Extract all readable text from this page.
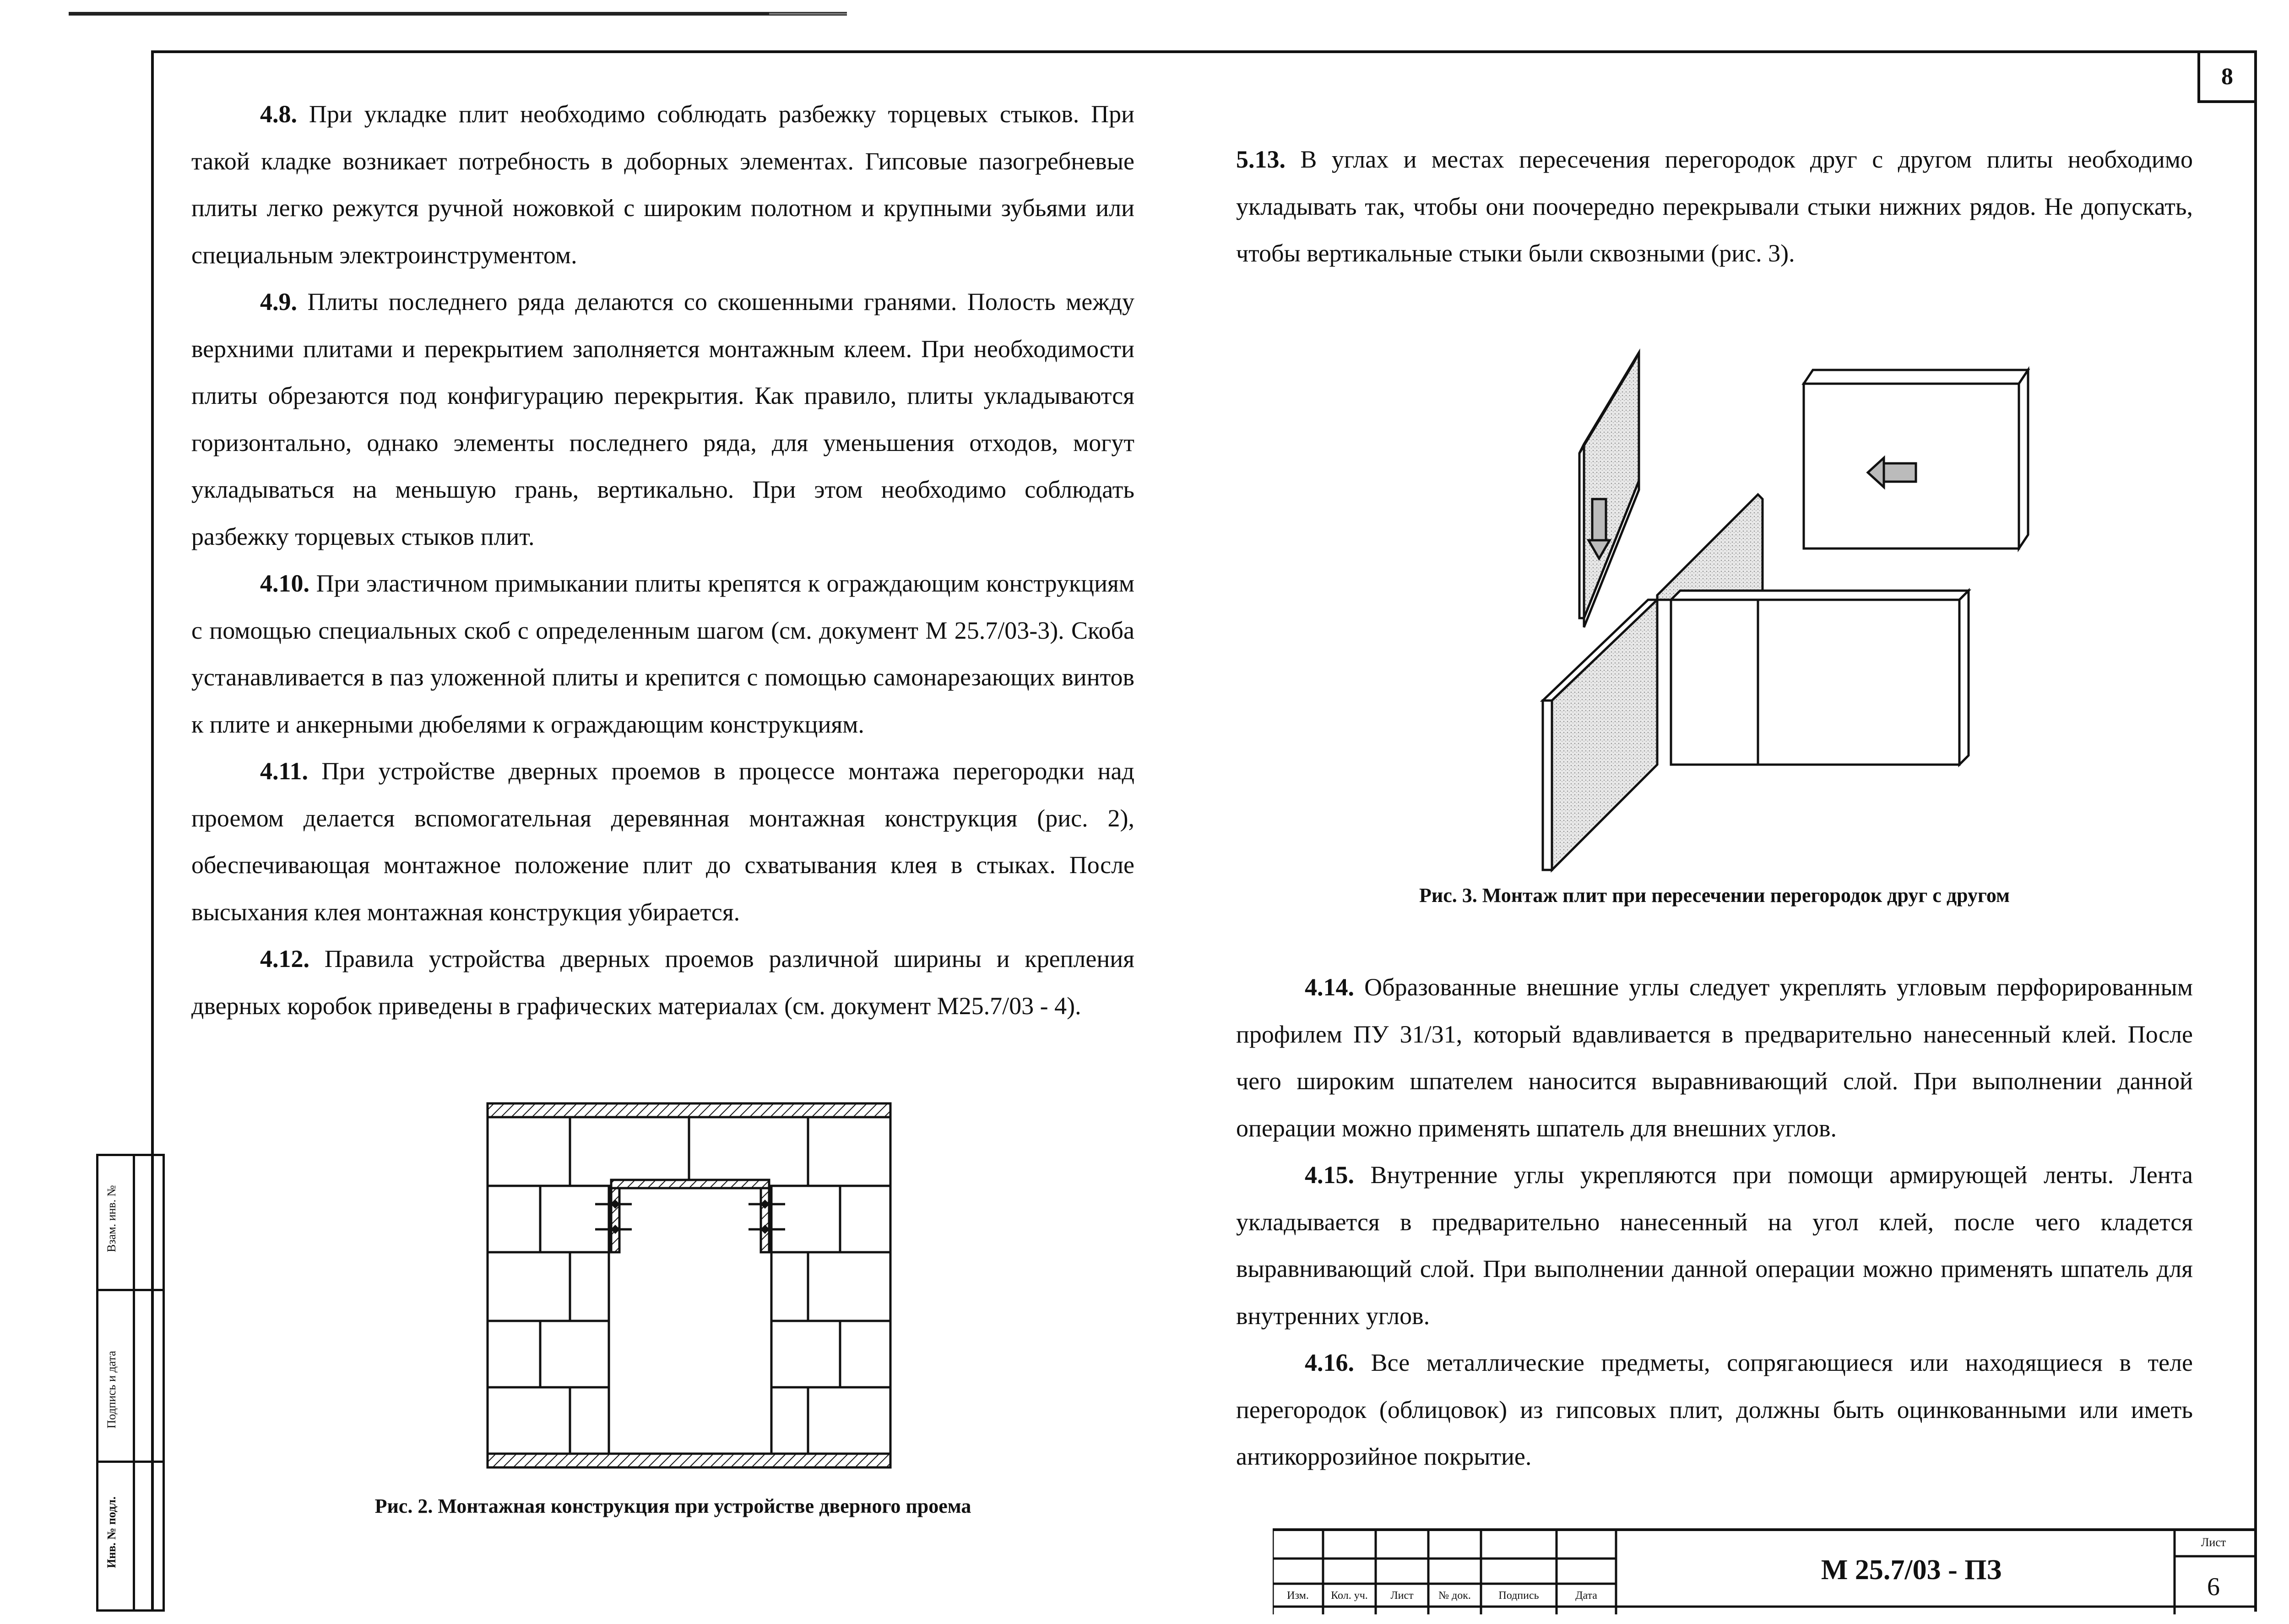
8

4.8. При укладке плит необходимо соблюдать разбежку торцевых стыков. При такой кладке возникает потребность в доборных элементах. Гипсовые пазогребневые плиты легко режутся ручной ножовкой с широким полотном и крупными зубьями или специальным электроинструментом.

4.9. Плиты последнего ряда делаются со скошенными гранями. Полость между верхними плитами и перекрытием заполняется монтажным клеем. При необходимости плиты обрезаются под конфигурацию перекрытия. Как правило, плиты укладываются горизонтально, однако элементы последнего ряда, для уменьшения отходов, могут укладываться на меньшую грань, вертикально. При этом необходимо соблюдать разбежку торцевых стыков плит.

4.10. При эластичном примыкании плиты крепятся к ограждающим конструкциям с помощью специальных скоб с определенным шагом (см. документ М 25.7/03-3). Скоба устанавливается в паз уложенной плиты и крепится с помощью самонарезающих винтов к плите и анкерными дюбелями к ограждающим конструкциям.

4.11. При устройстве дверных проемов в процессе монтажа перегородки над проемом делается вспомогательная деревянная монтажная конструкция (рис. 2), обеспечивающая монтажное положение плит до схватывания клея в стыках. После высыхания клея монтажная конструкция убирается.

4.12. Правила устройства дверных проемов различной ширины и крепления дверных коробок приведены в графических материалах (см. документ М25.7/03 - 4).

5.13. В углах и местах пересечения перегородок друг с другом плиты необходимо укладывать так, чтобы они поочередно перекрывали стыки нижних рядов. Не допускать, чтобы вертикальные стыки были сквозными (рис. 3).

Рис. 3. Монтаж плит при пересечении перегородок друг с другом

4.14. Образованные внешние углы следует укреплять угловым перфорированным профилем ПУ 31/31, который вдавливается в предварительно нанесенный клей. После чего широким шпателем наносится выравнивающий слой. При выполнении данной операции можно применять шпатель для внешних углов.

4.15. Внутренние углы укрепляются при помощи армирующей ленты. Лента укладывается в предварительно нанесенный на угол клей, после чего кладется выравнивающий слой. При выполнении данной операции можно применять шпатель для внутренних углов.

4.16. Все металлические предметы, сопрягающиеся или находящиеся в теле перегородок (облицовок) из гипсовых плит, должны быть оцинкованными или иметь антикоррозийное покрытие.

Рис. 2. Монтажная конструкция при устройстве дверного проема
Взам. инв. №
Подпись и дата
Инв. № подл.
Изм.	Кол. уч.	Лист	№ док.	Подпись	Дата
М 25.7/03 - ПЗ
Лист
6
